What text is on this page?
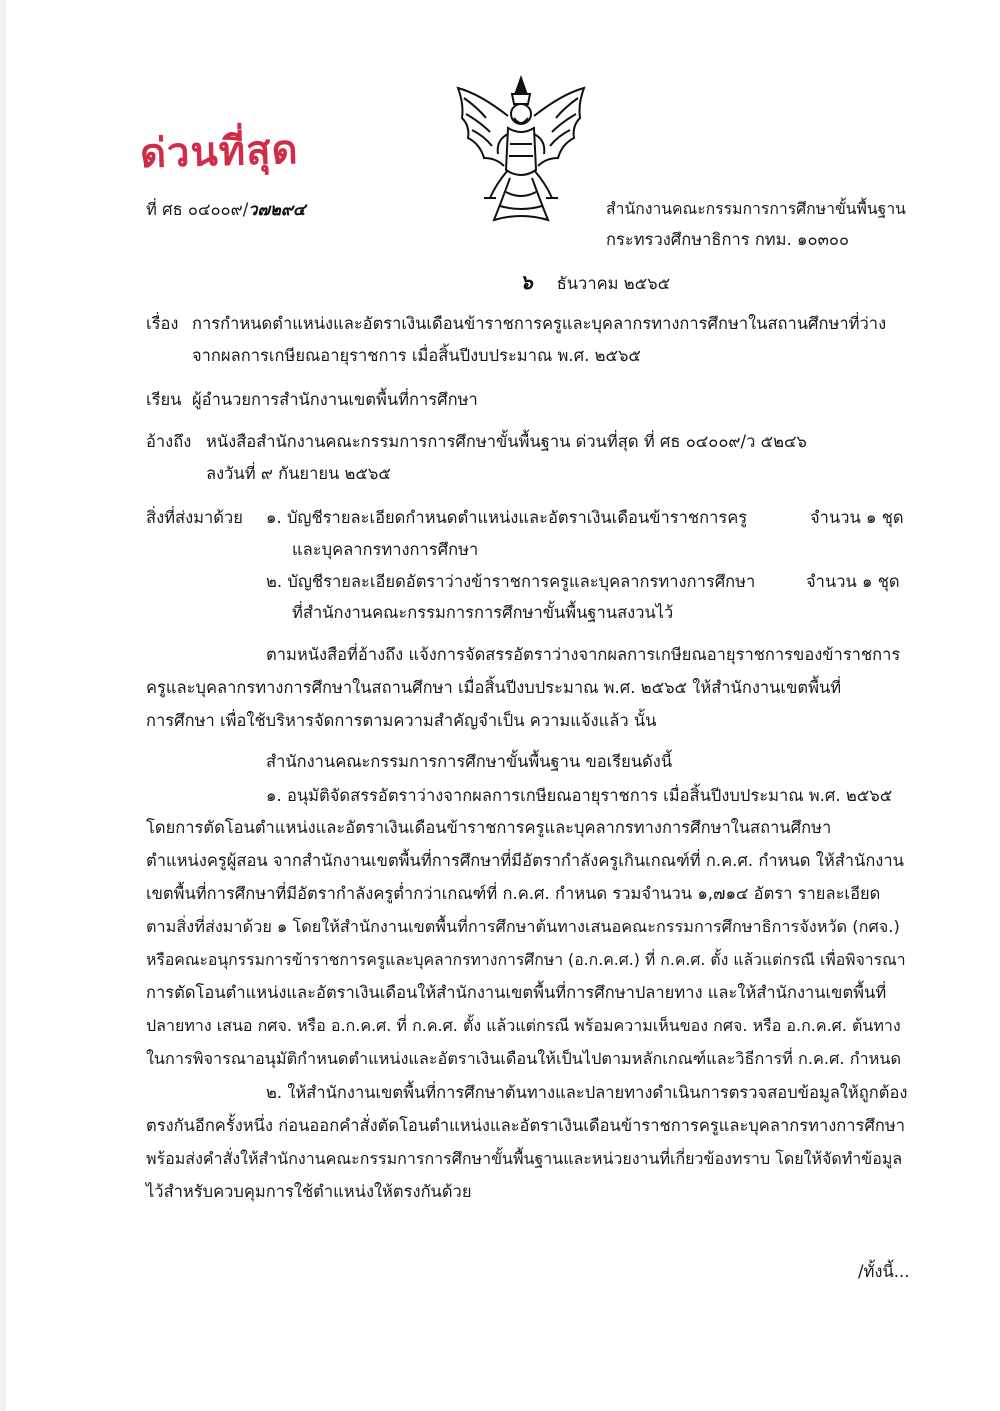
ด่วนที่สุด
ที่ ศธ ๐๔๐๐๙/ว๗๒๙๔	สำนักงานคณะกรรมการการศึกษาขั้นพื้นฐาน
กระทรวงศึกษาธิการ กทม. ๑๐๓๐๐
๖ ธันวาคม ๒๕๖๕
เรื่อง การกำหนดตำแหน่งและอัตราเงินเดือนข้าราชการครูและบุคลากรทางการศึกษาในสถานศึกษาที่ว่าง
จากผลการเกษียณอายุราชการ เมื่อสิ้นปีงบประมาณ พ.ศ. ๒๕๖๕
เรียน ผู้อำนวยการสำนักงานเขตพื้นที่การศึกษา
อ้างถึง หนังสือสำนักงานคณะกรรมการการศึกษาขั้นพื้นฐาน ด่วนที่สุด ที่ ศธ ๐๔๐๐๙/ว ๕๒๔๖
ลงวันที่ ๙ กันยายน ๒๕๖๕
สิ่งที่ส่งมาด้วย ๑. บัญชีรายละเอียดกำหนดตำแหน่งและอัตราเงินเดือนข้าราชการครู	จำนวน ๑ ชุด
และบุคลากรทางการศึกษา
๒. บัญชีรายละเอียดอัตราว่างข้าราชการครูและบุคลากรทางการศึกษา	จำนวน ๑ ชุด
ที่สำนักงานคณะกรรมการการศึกษาขั้นพื้นฐานสงวนไว้
ตามหนังสือที่อ้างถึง แจ้งการจัดสรรอัตราว่างจากผลการเกษียณอายุราชการของข้าราชการ
ครูและบุคลากรทางการศึกษาในสถานศึกษา เมื่อสิ้นปีงบประมาณ พ.ศ. ๒๕๖๕ ให้สำนักงานเขตพื้นที่
การศึกษา เพื่อใช้บริหารจัดการตามความสำคัญจำเป็น ความแจ้งแล้ว นั้น
สำนักงานคณะกรรมการการศึกษาขั้นพื้นฐาน ขอเรียนดังนี้
๑. อนุมัติจัดสรรอัตราว่างจากผลการเกษียณอายุราชการ เมื่อสิ้นปีงบประมาณ พ.ศ. ๒๕๖๕
โดยการตัดโอนตำแหน่งและอัตราเงินเดือนข้าราชการครูและบุคลากรทางการศึกษาในสถานศึกษา
ตำแหน่งครูผู้สอน จากสำนักงานเขตพื้นที่การศึกษาที่มีอัตรากำลังครูเกินเกณฑ์ที่ ก.ค.ศ. กำหนด ให้สำนักงาน
เขตพื้นที่การศึกษาที่มีอัตรากำลังครูต่ำกว่าเกณฑ์ที่ ก.ค.ศ. กำหนด รวมจำนวน ๑,๗๑๔ อัตรา รายละเอียด
ตามสิ่งที่ส่งมาด้วย ๑ โดยให้สำนักงานเขตพื้นที่การศึกษาต้นทางเสนอคณะกรรมการศึกษาธิการจังหวัด (กศจ.)
หรือคณะอนุกรรมการข้าราชการครูและบุคลากรทางการศึกษา (อ.ก.ค.ศ.) ที่ ก.ค.ศ. ตั้ง แล้วแต่กรณี เพื่อพิจารณา
การตัดโอนตำแหน่งและอัตราเงินเดือนให้สำนักงานเขตพื้นที่การศึกษาปลายทาง และให้สำนักงานเขตพื้นที่
ปลายทาง เสนอ กศจ. หรือ อ.ก.ค.ศ. ที่ ก.ค.ศ. ตั้ง แล้วแต่กรณี พร้อมความเห็นของ กศจ. หรือ อ.ก.ค.ศ. ต้นทาง
ในการพิจารณาอนุมัติกำหนดตำแหน่งและอัตราเงินเดือนให้เป็นไปตามหลักเกณฑ์และวิธีการที่ ก.ค.ศ. กำหนด
๒. ให้สำนักงานเขตพื้นที่การศึกษาต้นทางและปลายทางดำเนินการตรวจสอบข้อมูลให้ถูกต้อง
ตรงกันอีกครั้งหนึ่ง ก่อนออกคำสั่งตัดโอนตำแหน่งและอัตราเงินเดือนข้าราชการครูและบุคลากรทางการศึกษา
พร้อมส่งคำสั่งให้สำนักงานคณะกรรมการการศึกษาขั้นพื้นฐานและหน่วยงานที่เกี่ยวข้องทราบ โดยให้จัดทำข้อมูล
ไว้สำหรับควบคุมการใช้ตำแหน่งให้ตรงกันด้วย
/ทั้งนี้...
